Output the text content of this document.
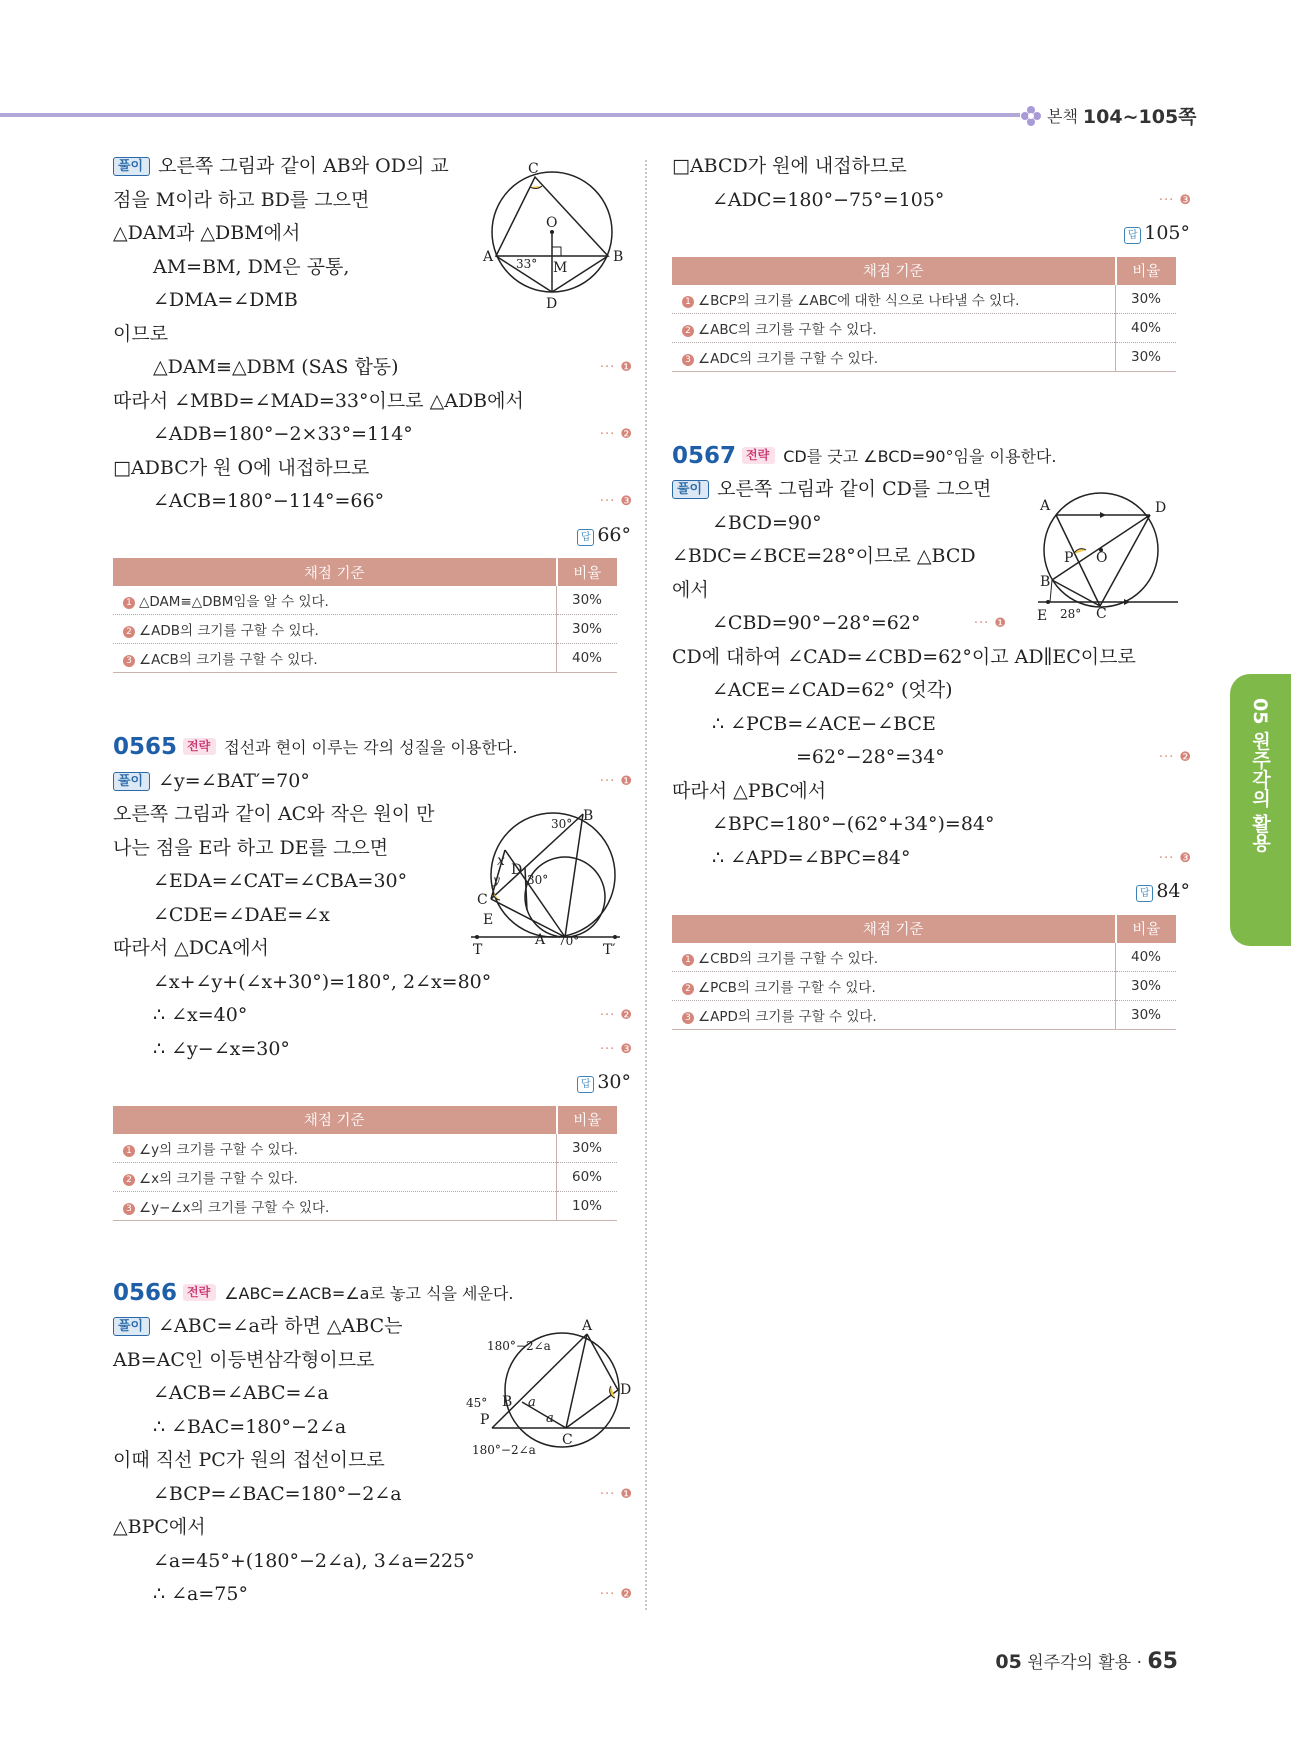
본책 104~105쪽
풀이 오른쪽 그림과 같이 AB와 OD의 교
점을 M이라 하고 BD를 그으면
△DAM과 △DBM에서
AM=BM, DM은 공통,
∠DMA=∠DMB
이므로
△DAM≡△DBM (SAS 합동)	··· ❶
따라서 ∠MBD=∠MAD=33°이므로 △ADB에서
∠ADB=180°−2×33°=114°	··· ❷
□ADBC가 원 O에 내접하므로
∠ACB=180°−114°=66°	··· ❸
답 66°
채점 기준	비율
1 △DAM≡△DBM임을 알 수 있다.	30%
2 ∠ADB의 크기를 구할 수 있다.	30%
3 ∠ACB의 크기를 구할 수 있다.	40%
0565 전략 접선과 현이 이루는 각의 성질을 이용한다.
풀이 ∠y=∠BAT′=70°	··· ❶
오른쪽 그림과 같이 AC와 작은 원이 만
나는 점을 E라 하고 DE를 그으면
∠EDA=∠CAT=∠CBA=30°
∠CDE=∠DAE=∠x
따라서 △DCA에서
∠x+∠y+(∠x+30°)=180°, 2∠x=80°
∴ ∠x=40°	··· ❷
∴ ∠y−∠x=30°	··· ❸
답 30°
채점 기준	비율
1 ∠y의 크기를 구할 수 있다.	30%
2 ∠x의 크기를 구할 수 있다.	60%
3 ∠y−∠x의 크기를 구할 수 있다.	10%
0566 전략 ∠ABC=∠ACB=∠a로 놓고 식을 세운다.
풀이 ∠ABC=∠a라 하면 △ABC는
AB=AC인 이등변삼각형이므로
∠ACB=∠ABC=∠a
∴ ∠BAC=180°−2∠a
이때 직선 PC가 원의 접선이므로
∠BCP=∠BAC=180°−2∠a	··· ❶
△BPC에서
∠a=45°+(180°−2∠a), 3∠a=225°
∴ ∠a=75°	··· ❷
C
O
A	B
M
D
33°
B
D
C
E
T
A
T′
x
y
30°
30°
70°
A
D
B
C
P
a
a
180°−2∠a
180°−2∠a
45°
□ABCD가 원에 내접하므로
∠ADC=180°−75°=105°	··· ❸
답 105°
채점 기준	비율
1 ∠BCP의 크기를 ∠ABC에 대한 식으로 나타낼 수 있다.	30%
2 ∠ABC의 크기를 구할 수 있다.	40%
3 ∠ADC의 크기를 구할 수 있다.	30%
0567 전략 CD를 긋고 ∠BCD=90°임을 이용한다.
풀이 오른쪽 그림과 같이 CD를 그으면
∠BCD=90°
∠BDC=∠BCE=28°이므로 △BCD
에서
∠CBD=90°−28°=62°	··· ❶
CD에 대하여 ∠CAD=∠CBD=62°이고 AD∥EC이므로
∠ACE=∠CAD=62° (엇각)
∴ ∠PCB=∠ACE−∠BCE
=62°−28°=34°	··· ❷
따라서 △PBC에서
∠BPC=180°−(62°+34°)=84°
∴ ∠APD=∠BPC=84°	··· ❸
답 84°
채점 기준	비율
1 ∠CBD의 크기를 구할 수 있다.	40%
2 ∠PCB의 크기를 구할 수 있다.	30%
3 ∠APD의 크기를 구할 수 있다.	30%
A	D
P O
B
E	C
28°
05 원주각의 활용
05 원주각의 활용 · 65
